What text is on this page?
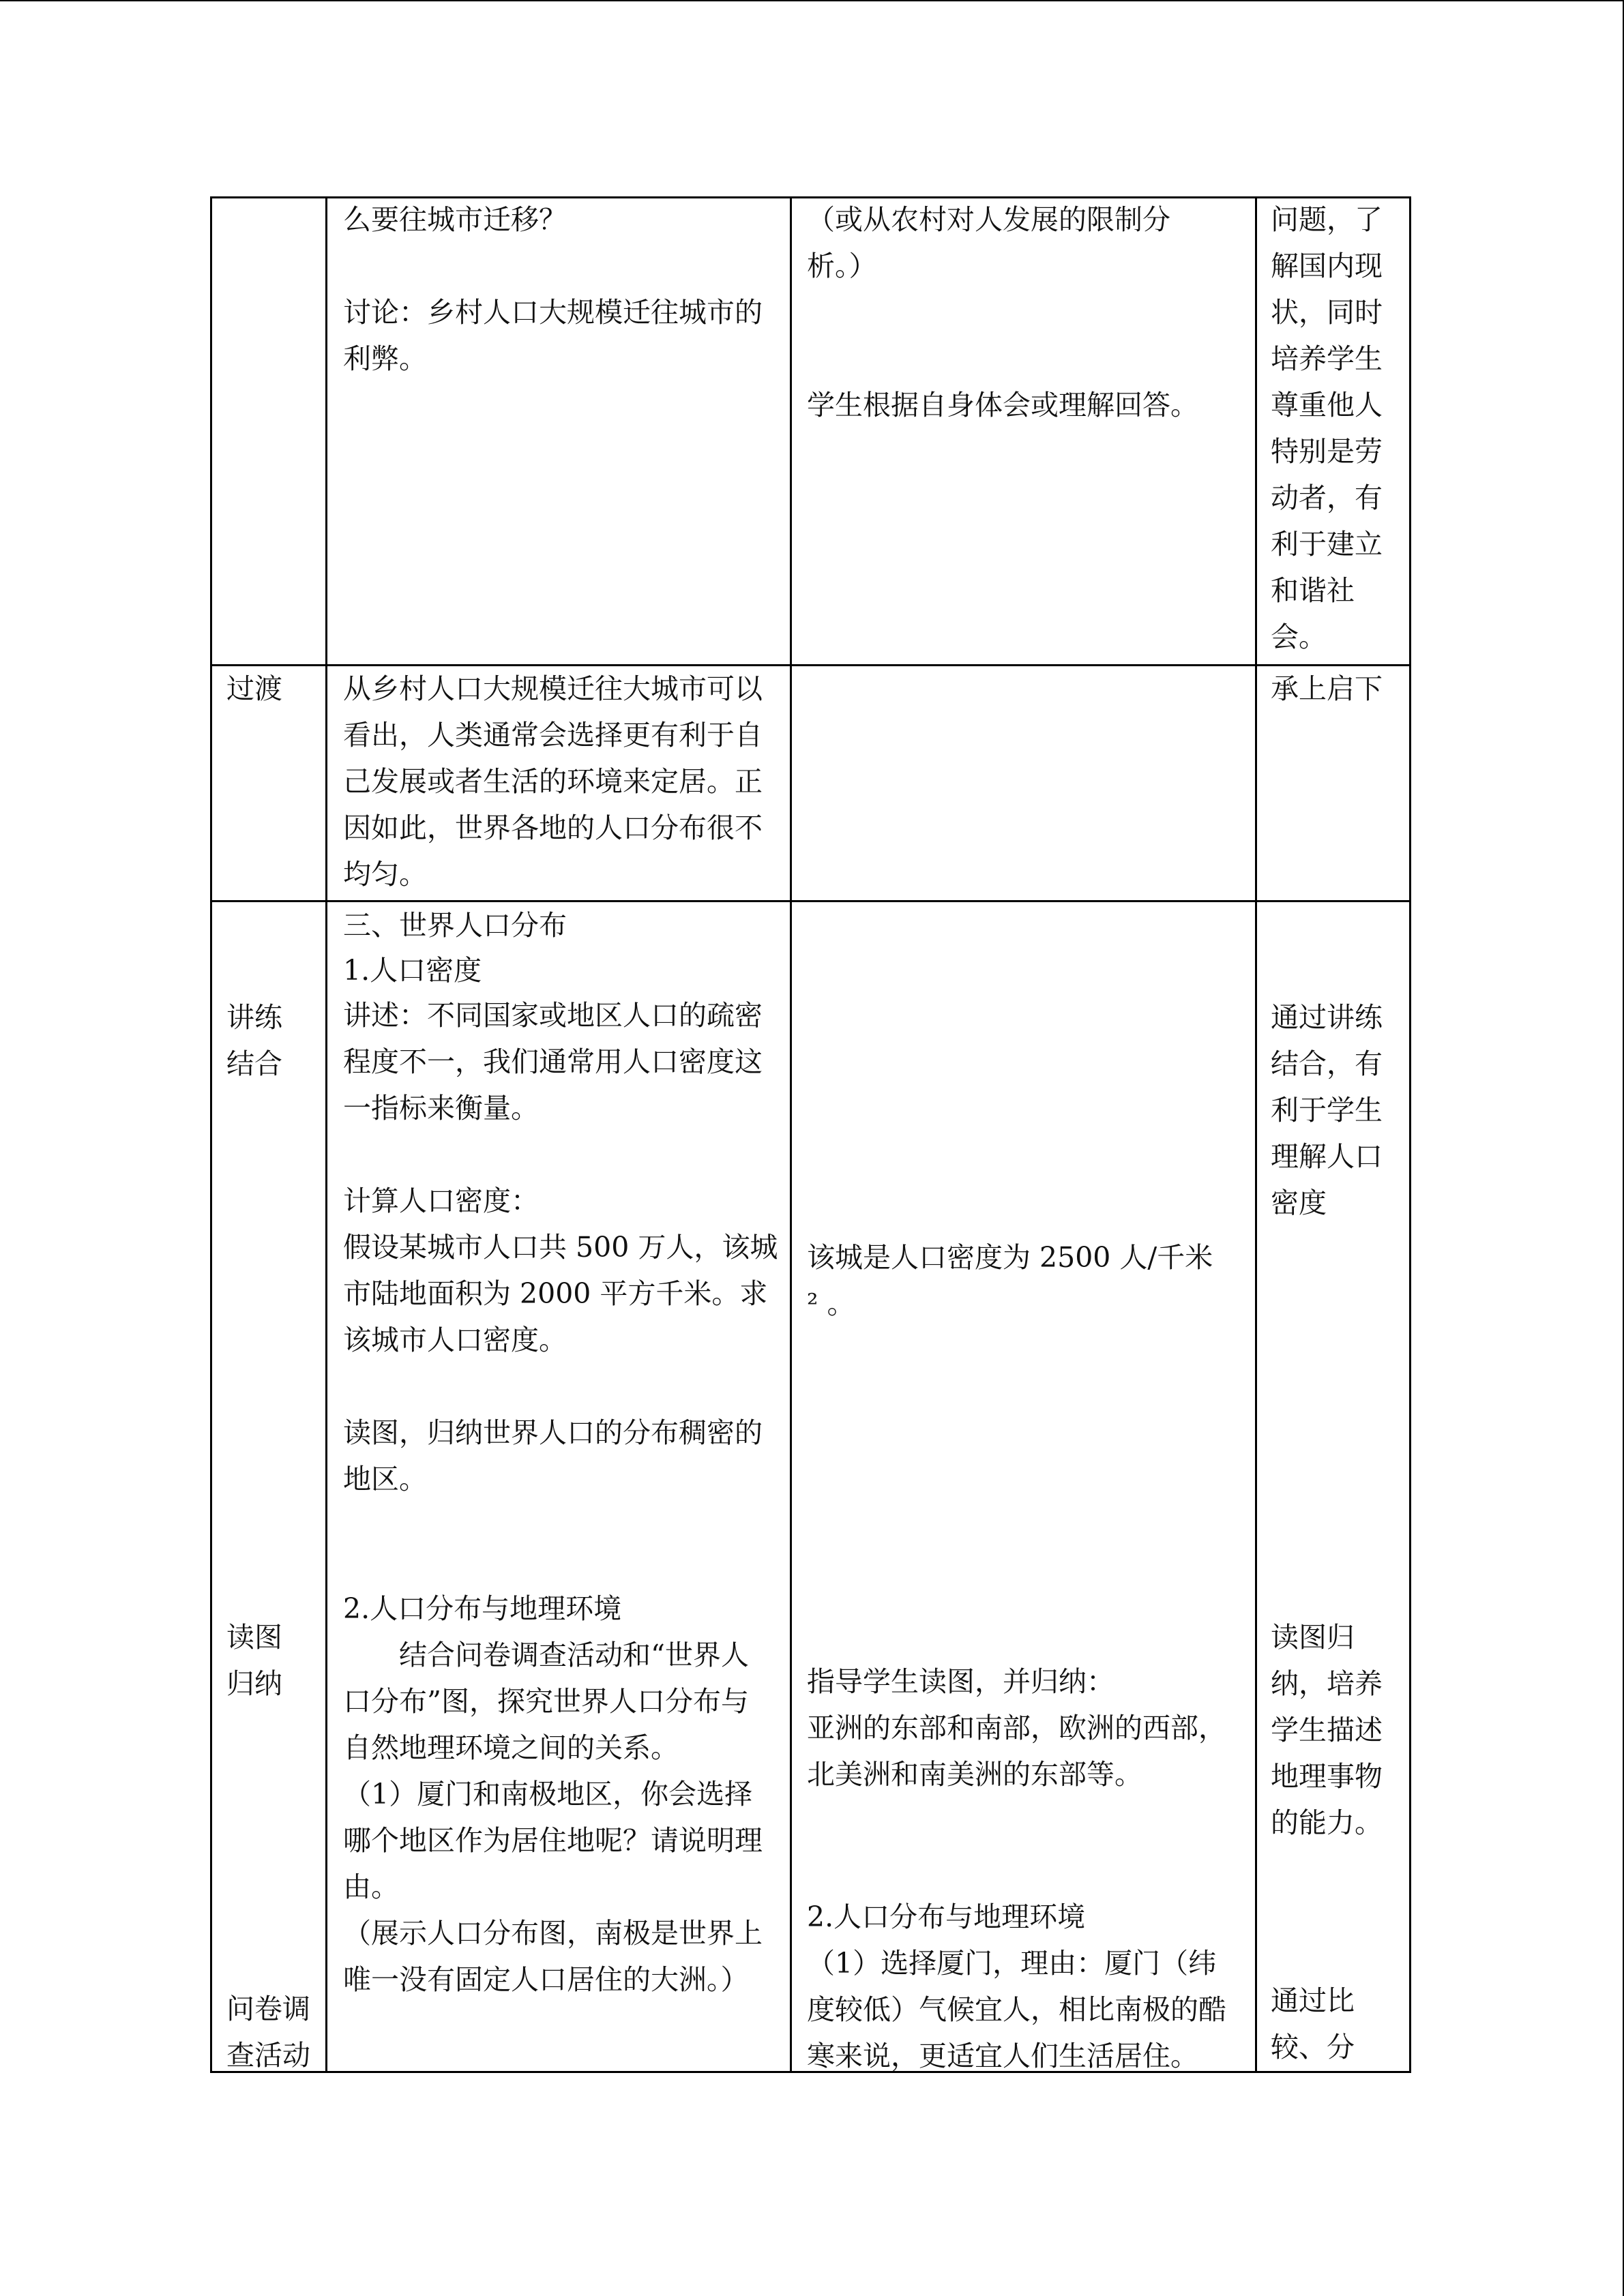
么要往城市迁移？
讨论：乡村人口大规模迁往城市的
利弊。
（或从农村对人发展的限制分
析。）
学生根据自身体会或理解回答。
问题，了
解国内现
状，同时
培养学生
尊重他人
特别是劳
动者，有
利于建立
和谐社
会。
过渡 从乡村人口大规模迁往大城市可以
看出，人类通常会选择更有利于自
己发展或者生活的环境来定居。正
因如此，世界各地的人口分布很不
均匀。
承上启下
讲练
结合
读图
归纳
问卷调
查活动
三、世界人口分布
1.人口密度
讲述：不同国家或地区人口的疏密
程度不一，我们通常用人口密度这
一指标来衡量。
计算人口密度：
假设某城市人口共 500 万人，该城
市陆地面积为 2000 平方千米。求
该城市人口密度。
读图，归纳世界人口的分布稠密的
地区。
2.人口分布与地理环境
结合问卷调查活动和“世界人
口分布”图，探究世界人口分布与
自然地理环境之间的关系。
（1）厦门和南极地区，你会选择
哪个地区作为居住地呢？请说明理
由。
（展示人口分布图，南极是世界上
唯一没有固定人口居住的大洲。）
该城是人口密度为 2500 人/千米
² 。
指导学生读图，并归纳：
亚洲的东部和南部，欧洲的西部，
北美洲和南美洲的东部等。
2.人口分布与地理环境
（1）选择厦门，理由：厦门（纬
度较低）气候宜人，相比南极的酷
寒来说，更适宜人们生活居住。
通过讲练
结合，有
利于学生
理解人口
密度
读图归
纳，培养
学生描述
地理事物
的能力。
通过比
较、分
